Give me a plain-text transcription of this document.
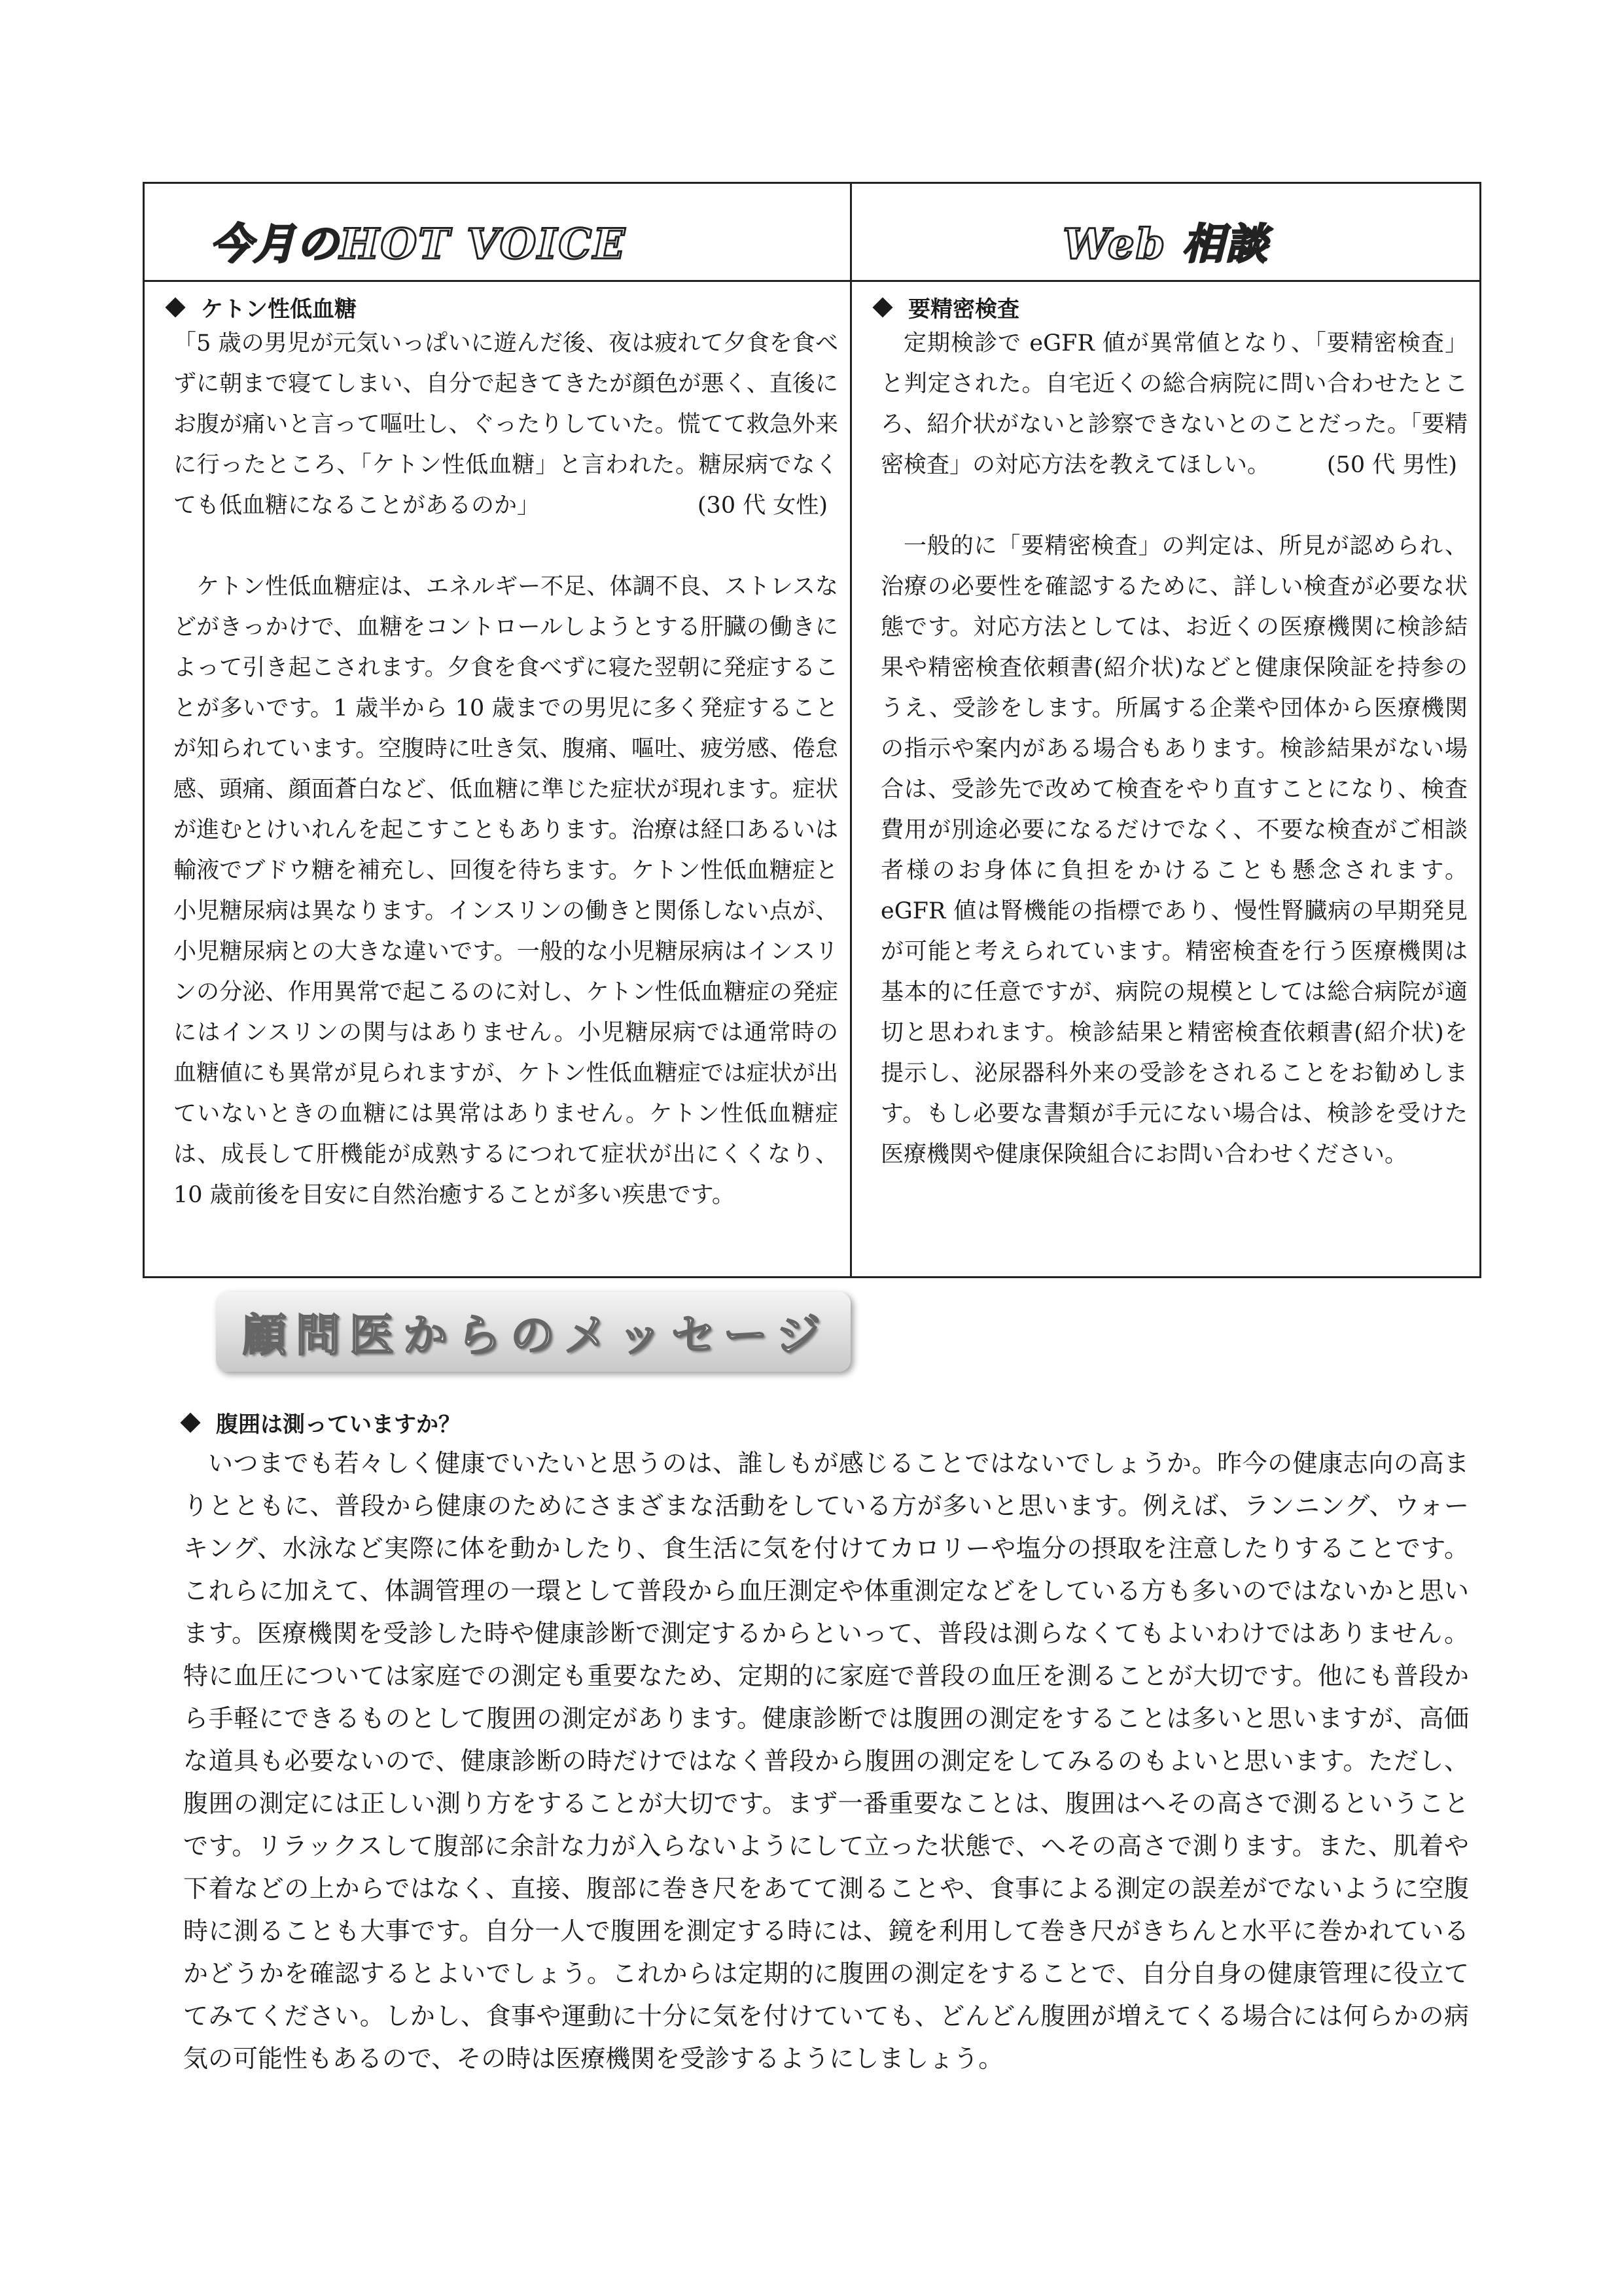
今月のHOT VOICE
ケトン性低血糖

「5 歳の男児が元気いっぱいに遊んだ後、夜は疲れて夕食を食べずに朝まで寝てしまい、自分で起きてきたが顔色が悪く、直後にお腹が痛いと言って嘔吐し、ぐったりしていた。慌てて救急外来に行ったところ、「ケトン性低血糖」と言われた。糖尿病でなくても低血糖になることがあるのか」	(30 代 女性)

ケトン性低血糖症は、エネルギー不足、体調不良、ストレスなどがきっかけで、血糖をコントロールしようとする肝臓の働きによって引き起こされます。夕食を食べずに寝た翌朝に発症することが多いです。1 歳半から 10 歳までの男児に多く発症することが知られています。空腹時に吐き気、腹痛、嘔吐、疲労感、倦怠感、頭痛、顔面蒼白など、低血糖に準じた症状が現れます。症状が進むとけいれんを起こすこともあります。治療は経口あるいは輸液でブドウ糖を補充し、回復を待ちます。ケトン性低血糖症と小児糖尿病は異なります。インスリンの働きと関係しない点が、小児糖尿病との大きな違いです。一般的な小児糖尿病はインスリンの分泌、作用異常で起こるのに対し、ケトン性低血糖症の発症にはインスリンの関与はありません。小児糖尿病では通常時の血糖値にも異常が見られますが、ケトン性低血糖症では症状が出ていないときの血糖には異常はありません。ケトン性低血糖症は、成長して肝機能が成熟するにつれて症状が出にくくなり、10 歳前後を目安に自然治癒することが多い疾患です。

Web 相談
要精密検査

定期検診で eGFR 値が異常値となり、「要精密検査」と判定された。自宅近くの総合病院に問い合わせたところ、紹介状がないと診察できないとのことだった。「要精密検査」の対応方法を教えてほしい。	(50 代 男性)

一般的に「要精密検査」の判定は、所見が認められ、治療の必要性を確認するために、詳しい検査が必要な状態です。対応方法としては、お近くの医療機関に検診結果や精密検査依頼書(紹介状)などと健康保険証を持参のうえ、受診をします。所属する企業や団体から医療機関の指示や案内がある場合もあります。検診結果がない場合は、受診先で改めて検査をやり直すことになり、検査費用が別途必要になるだけでなく、不要な検査がご相談者様のお身体に負担をかけることも懸念されます。eGFR 値は腎機能の指標であり、慢性腎臓病の早期発見が可能と考えられています。精密検査を行う医療機関は基本的に任意ですが、病院の規模としては総合病院が適切と思われます。検診結果と精密検査依頼書(紹介状)を提示し、泌尿器科外来の受診をされることをお勧めします。もし必要な書類が手元にない場合は、検診を受けた医療機関や健康保険組合にお問い合わせください。

顧問医からのメッセージ
腹囲は測っていますか？

いつまでも若々しく健康でいたいと思うのは、誰しもが感じることではないでしょうか。昨今の健康志向の高まりとともに、普段から健康のためにさまざまな活動をしている方が多いと思います。例えば、ランニング、ウォーキング、水泳など実際に体を動かしたり、食生活に気を付けてカロリーや塩分の摂取を注意したりすることです。これらに加えて、体調管理の一環として普段から血圧測定や体重測定などをしている方も多いのではないかと思います。医療機関を受診した時や健康診断で測定するからといって、普段は測らなくてもよいわけではありません。特に血圧については家庭での測定も重要なため、定期的に家庭で普段の血圧を測ることが大切です。他にも普段から手軽にできるものとして腹囲の測定があります。健康診断では腹囲の測定をすることは多いと思いますが、高価な道具も必要ないので、健康診断の時だけではなく普段から腹囲の測定をしてみるのもよいと思います。ただし、腹囲の測定には正しい測り方をすることが大切です。まず一番重要なことは、腹囲はへその高さで測るということです。リラックスして腹部に余計な力が入らないようにして立った状態で、へその高さで測ります。また、肌着や下着などの上からではなく、直接、腹部に巻き尺をあてて測ることや、食事による測定の誤差がでないように空腹時に測ることも大事です。自分一人で腹囲を測定する時には、鏡を利用して巻き尺がきちんと水平に巻かれているかどうかを確認するとよいでしょう。これからは定期的に腹囲の測定をすることで、自分自身の健康管理に役立ててみてください。しかし、食事や運動に十分に気を付けていても、どんどん腹囲が増えてくる場合には何らかの病気の可能性もあるので、その時は医療機関を受診するようにしましょう。
